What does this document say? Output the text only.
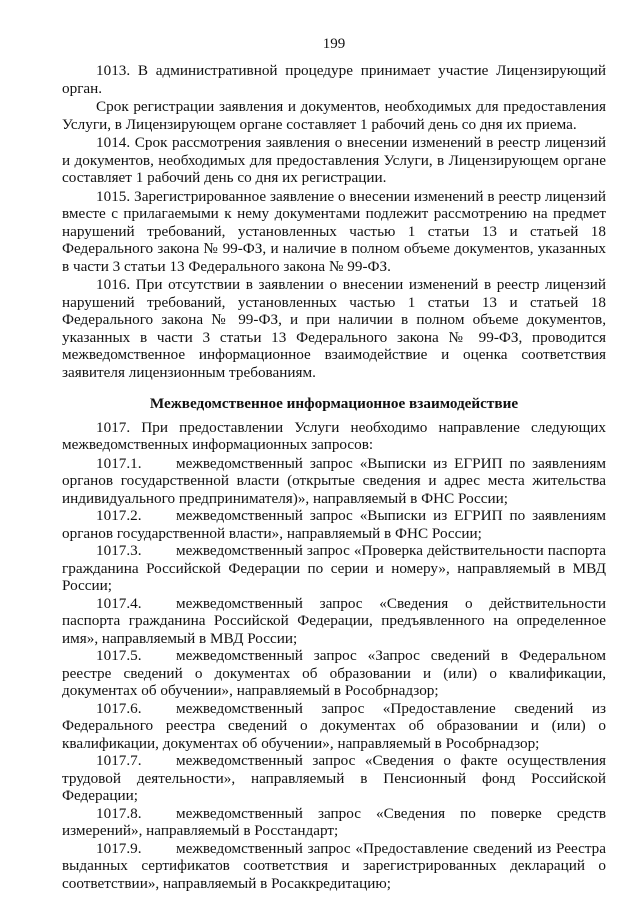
199

1013. В административной процедуре принимает участие Лицензирующий орган.

Срок регистрации заявления и документов, необходимых для предоставления Услуги, в Лицензирующем органе составляет 1 рабочий день со дня их приема.

1014. Срок рассмотрения заявления о внесении изменений в реестр лицензий и документов, необходимых для предоставления Услуги, в Лицензирующем органе составляет 1 рабочий день со дня их регистрации.

1015. Зарегистрированное заявление о внесении изменений в реестр лицензий вместе с прилагаемыми к нему документами подлежит рассмотрению на предмет нарушений требований, установленных частью 1 статьи 13 и статьей 18 Федерального закона № 99-ФЗ, и наличие в полном объеме документов, указанных в части 3 статьи 13 Федерального закона № 99-ФЗ.

1016. При отсутствии в заявлении о внесении изменений в реестр лицензий нарушений требований, установленных частью 1 статьи 13 и статьей 18 Федерального закона № 99-ФЗ, и при наличии в полном объеме документов, указанных в части 3 статьи 13 Федерального закона № 99-ФЗ, проводится межведомственное информационное взаимодействие и оценка соответствия заявителя лицензионным требованиям.

Межведомственное информационное взаимодействие

1017. При предоставлении Услуги необходимо направление следующих межведомственных информационных запросов:

1017.1. межведомственный запрос «Выписки из ЕГРИП по заявлениям органов государственной власти (открытые сведения и адрес места жительства индивидуального предпринимателя)», направляемый в ФНС России;

1017.2. межведомственный запрос «Выписки из ЕГРИП по заявлениям органов государственной власти», направляемый в ФНС России;

1017.3. межведомственный запрос «Проверка действительности паспорта гражданина Российской Федерации по серии и номеру», направляемый в МВД России;

1017.4. межведомственный запрос «Сведения о действительности паспорта гражданина Российской Федерации, предъявленного на определенное имя», направляемый в МВД России;

1017.5. межведомственный запрос «Запрос сведений в Федеральном реестре сведений о документах об образовании и (или) о квалификации, документах об обучении», направляемый в Рособрнадзор;

1017.6. межведомственный запрос «Предоставление сведений из Федерального реестра сведений о документах об образовании и (или) о квалификации, документах об обучении», направляемый в Рособрнадзор;

1017.7. межведомственный запрос «Сведения о факте осуществления трудовой деятельности», направляемый в Пенсионный фонд Российской Федерации;

1017.8. межведомственный запрос «Сведения по поверке средств измерений», направляемый в Росстандарт;

1017.9. межведомственный запрос «Предоставление сведений из Реестра выданных сертификатов соответствия и зарегистрированных деклараций о соответствии», направляемый в Росаккредитацию;
